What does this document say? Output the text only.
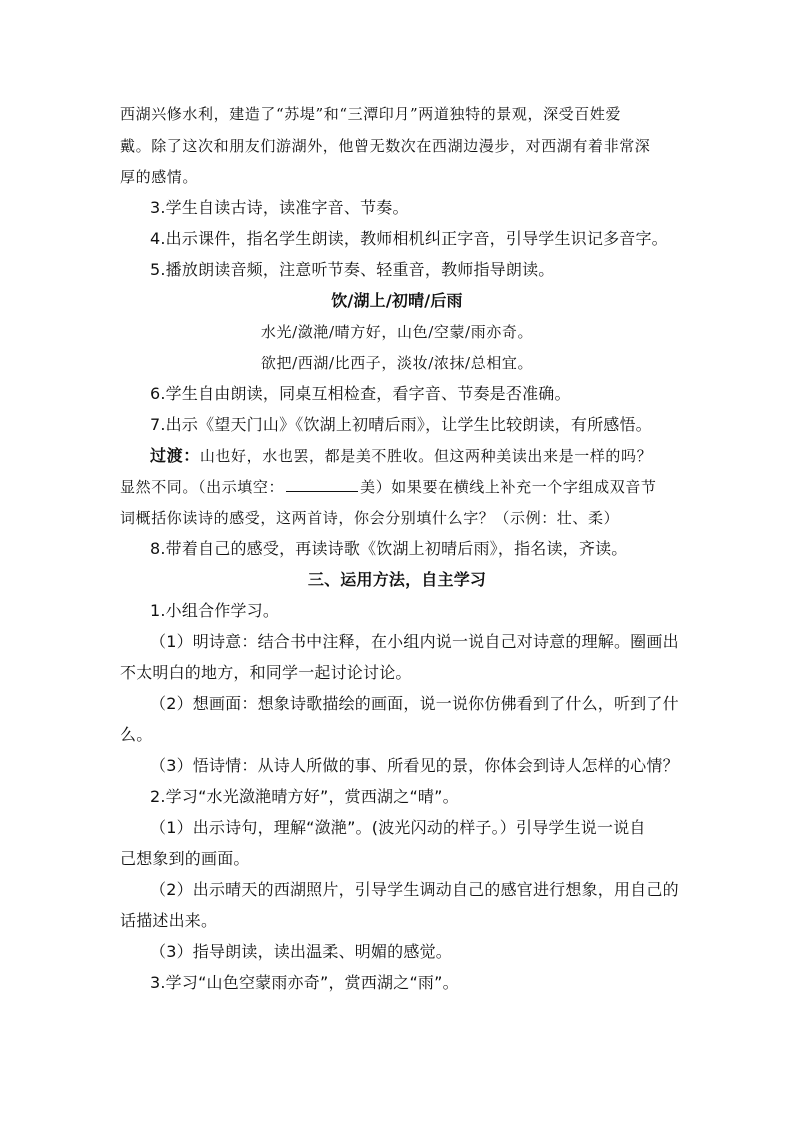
西湖兴修水利，建造了“苏堤”和“三潭印月”两道独特的景观，深受百姓爱
戴。除了这次和朋友们游湖外，他曾无数次在西湖边漫步，对西湖有着非常深
厚的感情。
3.学生自读古诗，读准字音、节奏。
4.出示课件，指名学生朗读，教师相机纠正字音，引导学生识记多音字。
5.播放朗读音频，注意听节奏、轻重音，教师指导朗读。
饮/湖上/初晴/后雨
水光/潋滟/晴方好，山色/空蒙/雨亦奇。
欲把/西湖/比西子，淡妆/浓抹/总相宜。
6.学生自由朗读，同桌互相检查，看字音、节奏是否准确。
7.出示《望天门山》《饮湖上初晴后雨》，让学生比较朗读，有所感悟。
过渡：山也好，水也罢，都是美不胜收。但这两种美读出来是一样的吗？
显然不同。（出示填空：	美）如果要在横线上补充一个字组成双音节
词概括你读诗的感受，这两首诗，你会分别填什么字？（示例：壮、柔）
8.带着自己的感受，再读诗歌《饮湖上初晴后雨》，指名读，齐读。
三、运用方法，自主学习
1.小组合作学习。
（1）明诗意：结合书中注释，在小组内说一说自己对诗意的理解。圈画出
不太明白的地方，和同学一起讨论讨论。
（2）想画面：想象诗歌描绘的画面，说一说你仿佛看到了什么，听到了什
么。
（3）悟诗情：从诗人所做的事、所看见的景，你体会到诗人怎样的心情？
2.学习“水光潋滟晴方好”，赏西湖之“晴”。
（1）出示诗句，理解“潋滟”。(波光闪动的样子。）引导学生说一说自
己想象到的画面。
（2）出示晴天的西湖照片，引导学生调动自己的感官进行想象，用自己的
话描述出来。
（3）指导朗读，读出温柔、明媚的感觉。
3.学习“山色空蒙雨亦奇”，赏西湖之“雨”。
